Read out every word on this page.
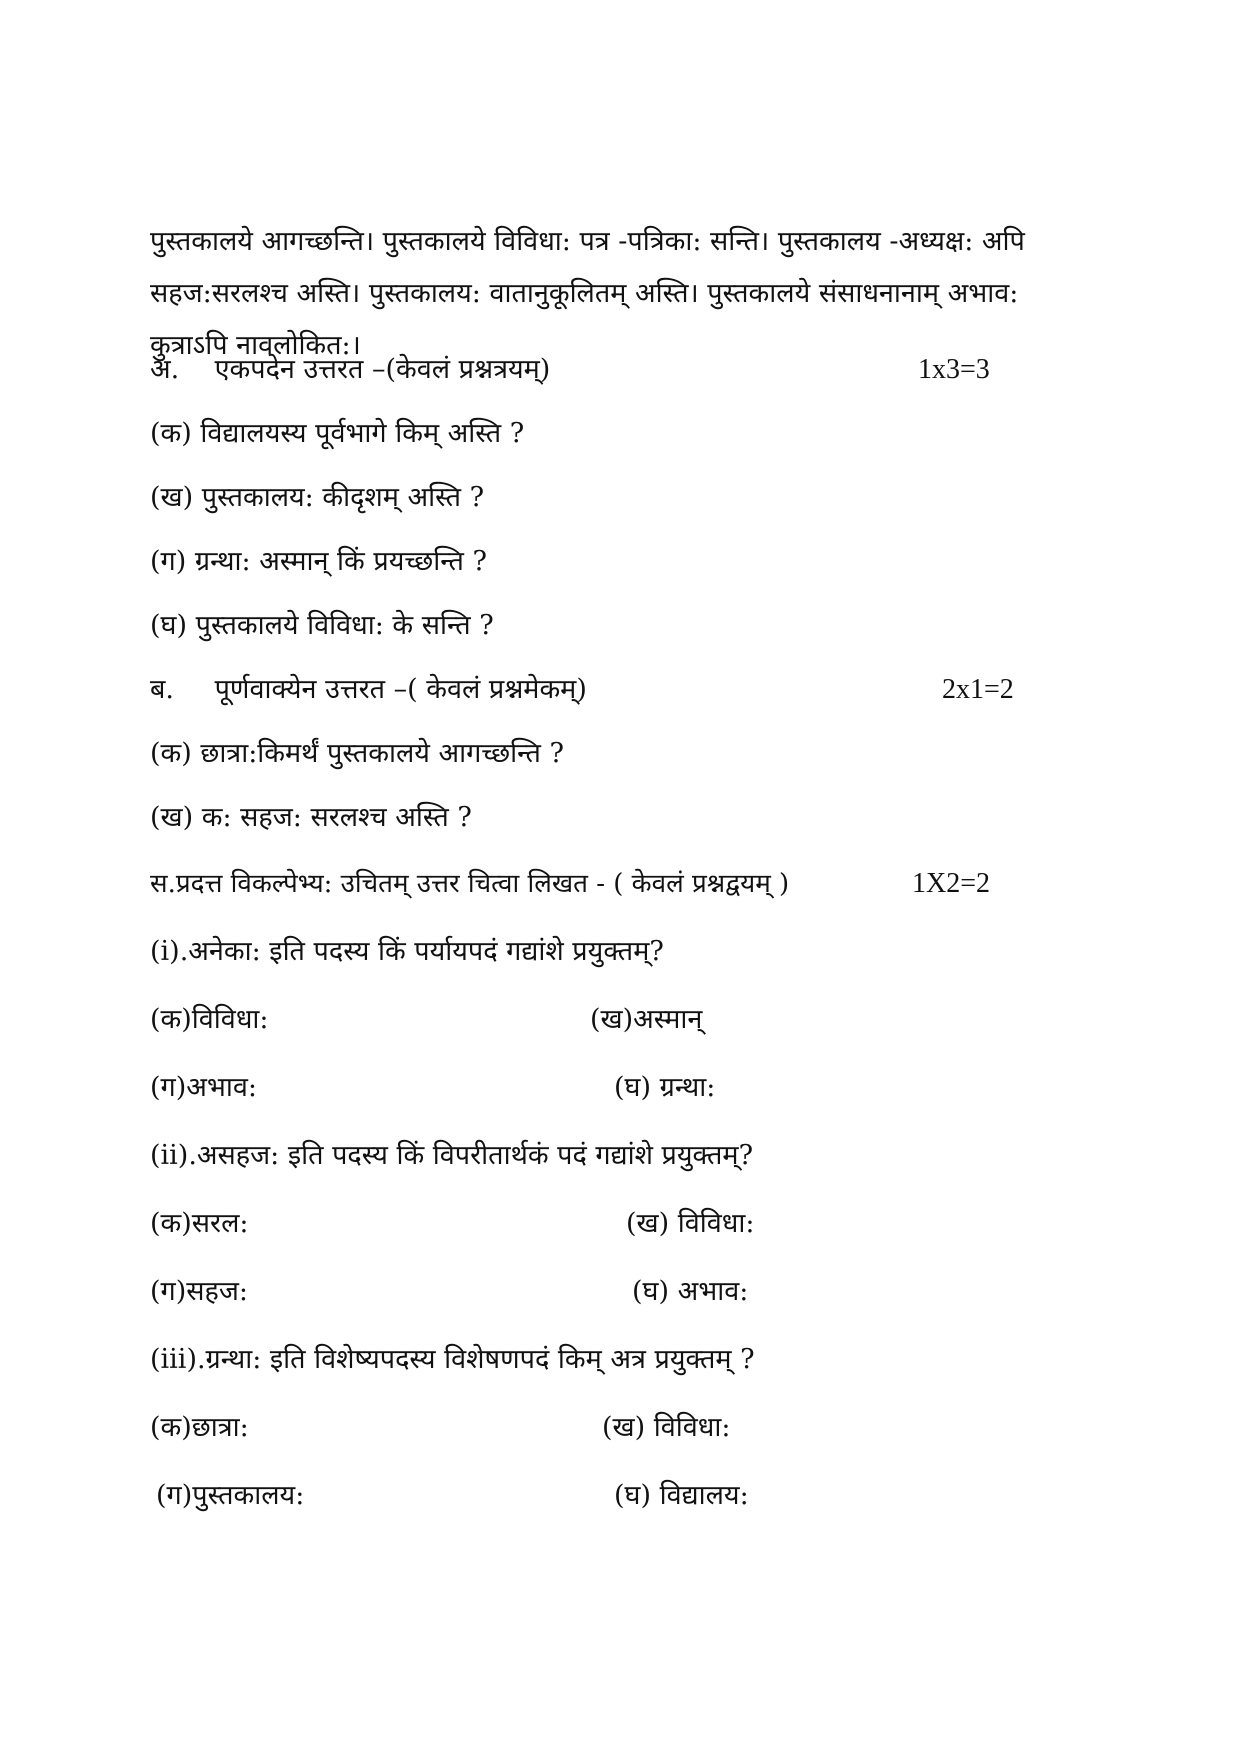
पुस्तकालये आगच्छन्ति। पुस्तकालये विविधा: पत्र -पत्रिका: सन्ति। पुस्तकालय -अध्यक्ष: अपि सहज:सरलश्च अस्ति। पुस्तकालय: वातानुकूलितम् अस्ति। पुस्तकालये संसाधनानाम् अभाव: कुत्राऽपि नावलोकित:।
अ. एकपदेन उत्तरत –(केवलं प्रश्नत्रयम्)	1x3=3
(क) विद्यालयस्य पूर्वभागे किम् अस्ति ?
(ख) पुस्तकालय: कीदृशम् अस्ति ?
(ग) ग्रन्था: अस्मान् किं प्रयच्छन्ति ?
(घ) पुस्तकालये विविधा: के सन्ति ?
ब. पूर्णवाक्येन उत्तरत –( केवलं प्रश्नमेकम्)	2x1=2
(क) छात्रा:किमर्थं पुस्तकालये आगच्छन्ति ?
(ख) क: सहज: सरलश्च अस्ति ?
स.प्रदत्त विकल्पेभ्य: उचितम् उत्तर चित्वा लिखत - ( केवलं प्रश्नद्वयम् )	1X2=2
(i).अनेका: इति पदस्य किं पर्यायपदं गद्यांशे प्रयुक्तम्?
(क)विविधा:	(ख)अस्मान्
(ग)अभाव:	(घ) ग्रन्था:
(ii).असहज: इति पदस्य किं विपरीतार्थकं पदं गद्यांशे प्रयुक्तम्?
(क)सरल:	(ख) विविधा:
(ग)सहज:	(घ) अभाव:
(iii).ग्रन्था: इति विशेष्यपदस्य विशेषणपदं किम् अत्र प्रयुक्तम् ?
(क)छात्रा:	(ख) विविधा:
(ग)पुस्तकालय:	(घ) विद्यालय:
